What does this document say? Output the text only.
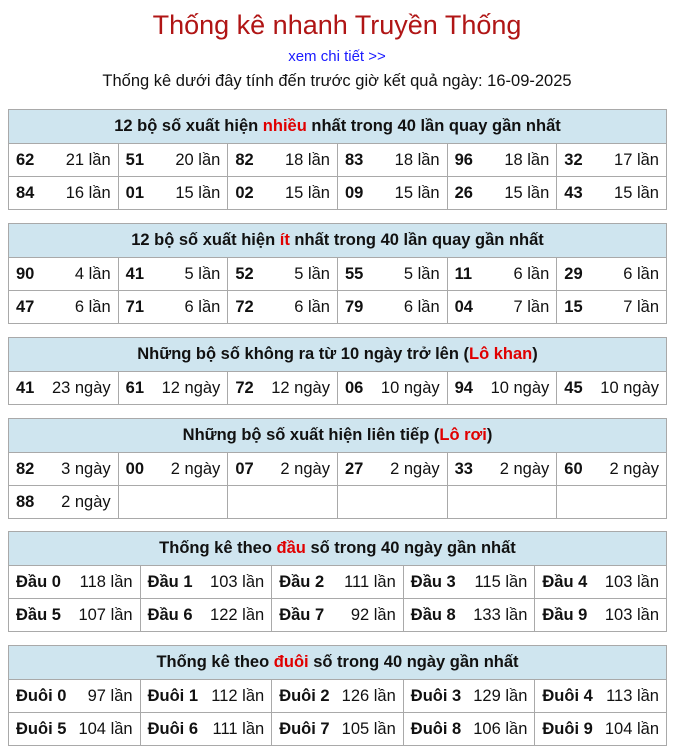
Thống kê nhanh Truyền Thống
xem chi tiết >>
Thống kê dưới đây tính đến trước giờ kết quả ngày: 16-09-2025
12 bộ số xuất hiện nhiều nhất trong 40 lần quay gần nhất					

62 21 lần	51 20 lần	82 18 lần	83 18 lần	96 18 lần	32 17 lần

84 16 lần	01 15 lần	02 15 lần	09 15 lần	26 15 lần	43 15 lần
12 bộ số xuất hiện ít nhất trong 40 lần quay gần nhất					

90 4 lần	41 5 lần	52 5 lần	55 5 lần	11 6 lần	29 6 lần

47 6 lần	71 6 lần	72 6 lần	79 6 lần	04 7 lần	15 7 lần
Những bộ số không ra từ 10 ngày trở lên (Lô khan)

41 23 ngày	61 12 ngày	72 12 ngày	06 10 ngày	94 10 ngày	45 10 ngày
Những bộ số xuất hiện liên tiếp (Lô rơi)					

82 3 ngày	00 2 ngày	07 2 ngày	27 2 ngày	33 2 ngày	60 2 ngày

88 2 ngày					

Thống kê theo đầu số trong 40 ngày gần nhất				

Đầu 0 118 lần	Đầu 1 103 lần	Đầu 2 111 lần	Đầu 3 115 lần	Đầu 4 103 lần

Đầu 5 107 lần	Đầu 6 122 lần	Đầu 7 92 lần	Đầu 8 133 lần	Đầu 9 103 lần
Thống kê theo đuôi số trong 40 ngày gần nhất				

Đuôi 0 97 lần	Đuôi 1 112 lần	Đuôi 2 126 lần	Đuôi 3 129 lần	Đuôi 4 113 lần

Đuôi 5 104 lần	Đuôi 6 111 lần	Đuôi 7 105 lần	Đuôi 8 106 lần	Đuôi 9 104 lần
